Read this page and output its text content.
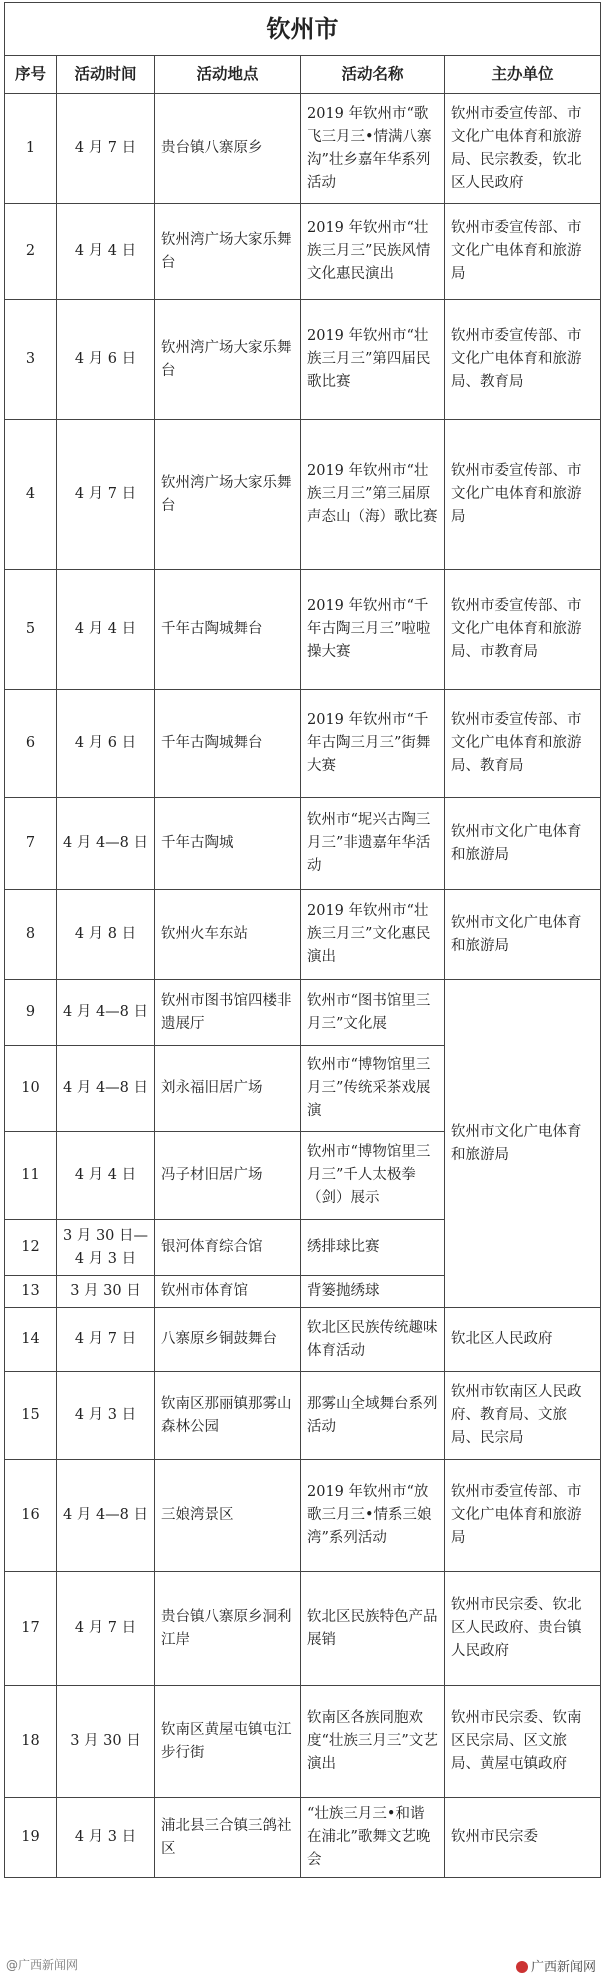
钦州市				
序号	活动时间	活动地点	活动名称	主办单位
1	4 月 7 日	贵台镇八寨原乡	2019 年钦州市“歌飞三月三•情满八寨沟”壮乡嘉年华系列活动	钦州市委宣传部、市文化广电体育和旅游局、民宗教委，钦北区人民政府
2	4 月 4 日	钦州湾广场大家乐舞台	2019 年钦州市“壮族三月三”民族风情文化惠民演出	钦州市委宣传部、市文化广电体育和旅游局
3	4 月 6 日	钦州湾广场大家乐舞台	2019 年钦州市“壮族三月三”第四届民歌比赛	钦州市委宣传部、市文化广电体育和旅游局、教育局
4	4 月 7 日	钦州湾广场大家乐舞台	2019 年钦州市“壮族三月三”第三届原声态山（海）歌比赛	钦州市委宣传部、市文化广电体育和旅游局
5	4 月 4 日	千年古陶城舞台	2019 年钦州市“千年古陶三月三”啦啦操大赛	钦州市委宣传部、市文化广电体育和旅游局、市教育局
6	4 月 6 日	千年古陶城舞台	2019 年钦州市“千年古陶三月三”街舞大赛	钦州市委宣传部、市文化广电体育和旅游局、教育局
7	4 月 4—8 日	千年古陶城	钦州市“坭兴古陶三月三”非遗嘉年华活动	钦州市文化广电体育和旅游局
8	4 月 8 日	钦州火车东站	2019 年钦州市“壮族三月三”文化惠民演出	钦州市文化广电体育和旅游局
9	4 月 4—8 日	钦州市图书馆四楼非遗展厅	钦州市“图书馆里三月三”文化展	钦州市文化广电体育和旅游局
10	4 月 4—8 日	刘永福旧居广场	钦州市“博物馆里三月三”传统采茶戏展演	
11	4 月 4 日	冯子材旧居广场	钦州市“博物馆里三月三”千人太极拳（剑）展示	
12	3 月 30 日—4 月 3 日	银河体育综合馆	绣排球比赛	
13	3 月 30 日	钦州市体育馆	背篓抛绣球	
14	4 月 7 日	八寨原乡铜鼓舞台	钦北区民族传统趣味体育活动	钦北区人民政府
15	4 月 3 日	钦南区那丽镇那雾山森林公园	那雾山全域舞台系列活动	钦州市钦南区人民政府、教育局、文旅局、民宗局
16	4 月 4—8 日	三娘湾景区	2019 年钦州市“放歌三月三•情系三娘湾”系列活动	钦州市委宣传部、市文化广电体育和旅游局
17	4 月 7 日	贵台镇八寨原乡洞利江岸	钦北区民族特色产品展销	钦州市民宗委、钦北区人民政府、贵台镇人民政府
18	3 月 30 日	钦南区黄屋屯镇屯江步行街	钦南区各族同胞欢度“壮族三月三”文艺演出	钦州市民宗委、钦南区民宗局、区文旅局、黄屋屯镇政府
19	4 月 3 日	浦北县三合镇三鸽社区	“壮族三月三•和谐在浦北”歌舞文艺晚会	钦州市民宗委
@广西新闻网	广西新闻网
